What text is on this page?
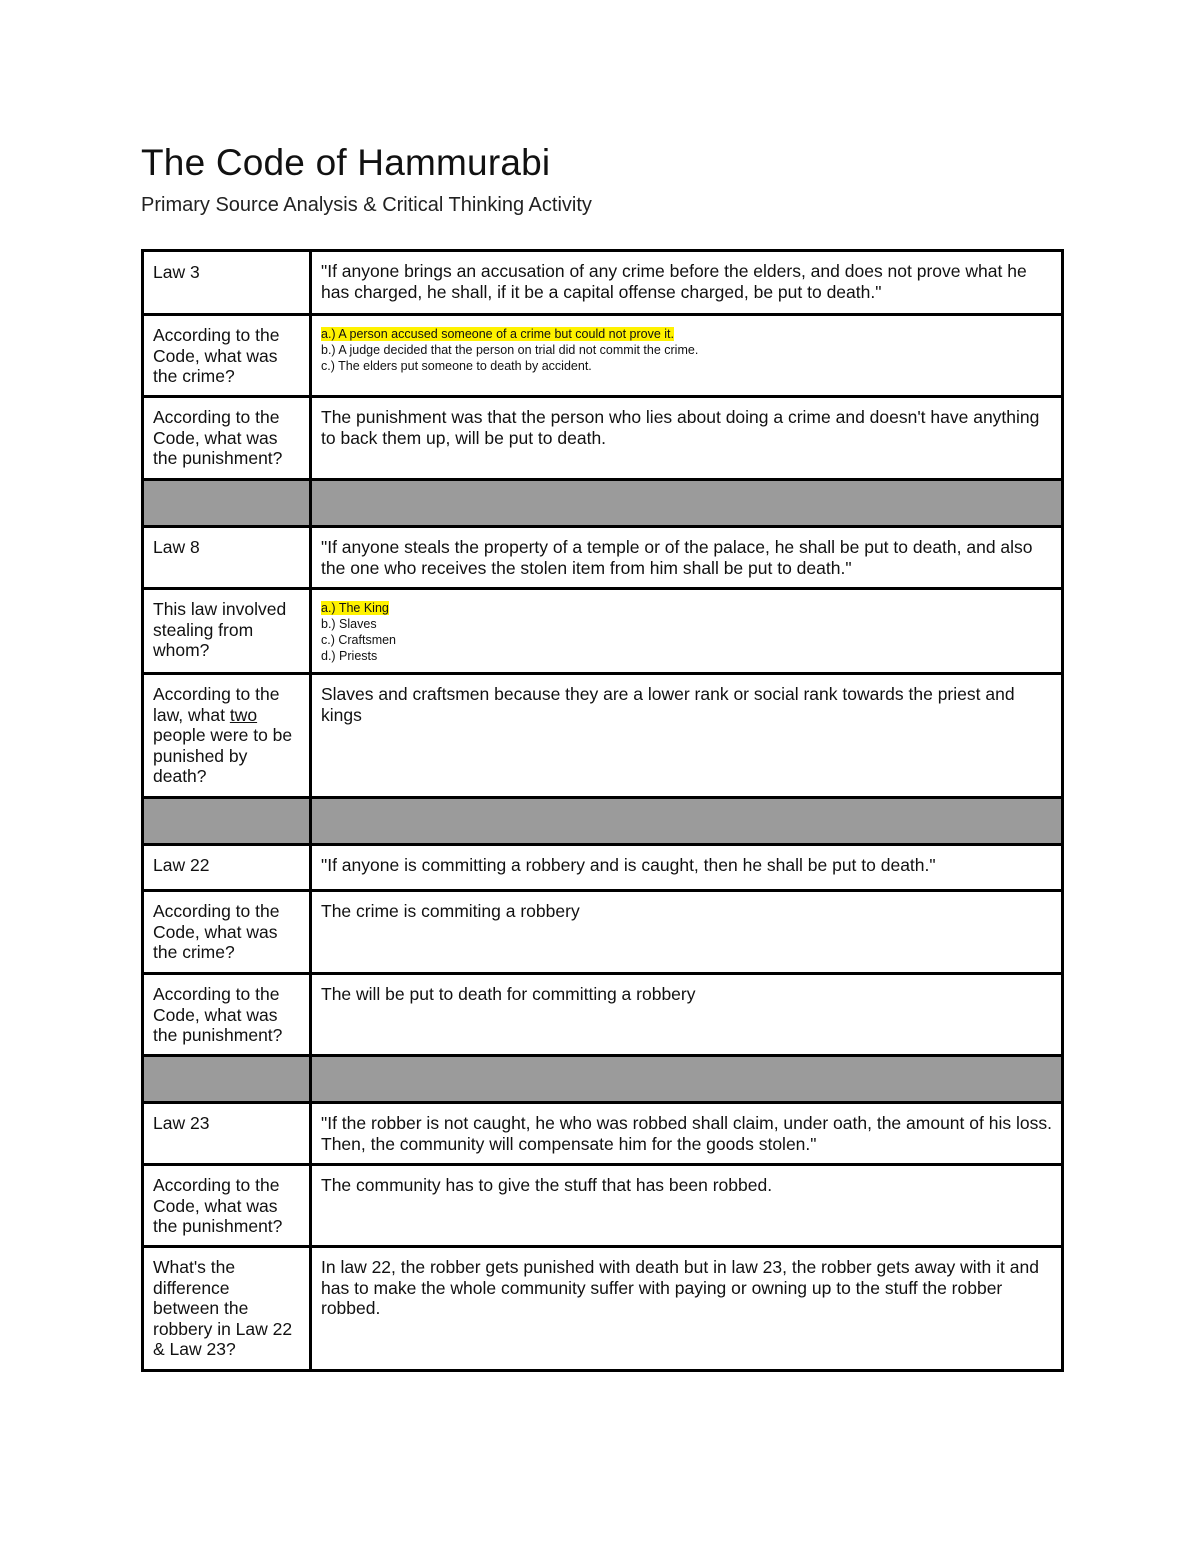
The Code of Hammurabi

Primary Source Analysis & Critical Thinking Activity

Law 3	"If anyone brings an accusation of any crime before the elders, and does not prove what he has charged, he shall, if it be a capital offense charged, be put to death."
According to the Code, what was the crime?	a.) A person accused someone of a crime but could not prove it.
b.) A judge decided that the person on trial did not commit the crime.
c.) The elders put someone to death by accident.

According to the Code, what was the punishment?	The punishment was that the person who lies about doing a crime and doesn't have anything to back them up, will be put to death.

Law 8	"If anyone steals the property of a temple or of the palace, he shall be put to death, and also the one who receives the stolen item from him shall be put to death."
This law involved stealing from whom?	a.) The King
b.) Slaves
c.) Craftsmen
d.) Priests

According to the law, what two people were to be punished by death?	Slaves and craftsmen because they are a lower rank or social rank towards the priest and kings

Law 22	"If anyone is committing a robbery and is caught, then he shall be put to death."
According to the Code, what was the crime?	The crime is commiting a robbery
According to the Code, what was the punishment?	The will be put to death for committing a robbery

Law 23	"If the robber is not caught, he who was robbed shall claim, under oath, the amount of his loss. Then, the community will compensate him for the goods stolen."
According to the Code, what was the punishment?	The community has to give the stuff that has been robbed.
What's the difference between the robbery in Law 22 & Law 23?	In law 22, the robber gets punished with death but in law 23, the robber gets away with it and has to make the whole community suffer with paying or owning up to the stuff the robber robbed.
